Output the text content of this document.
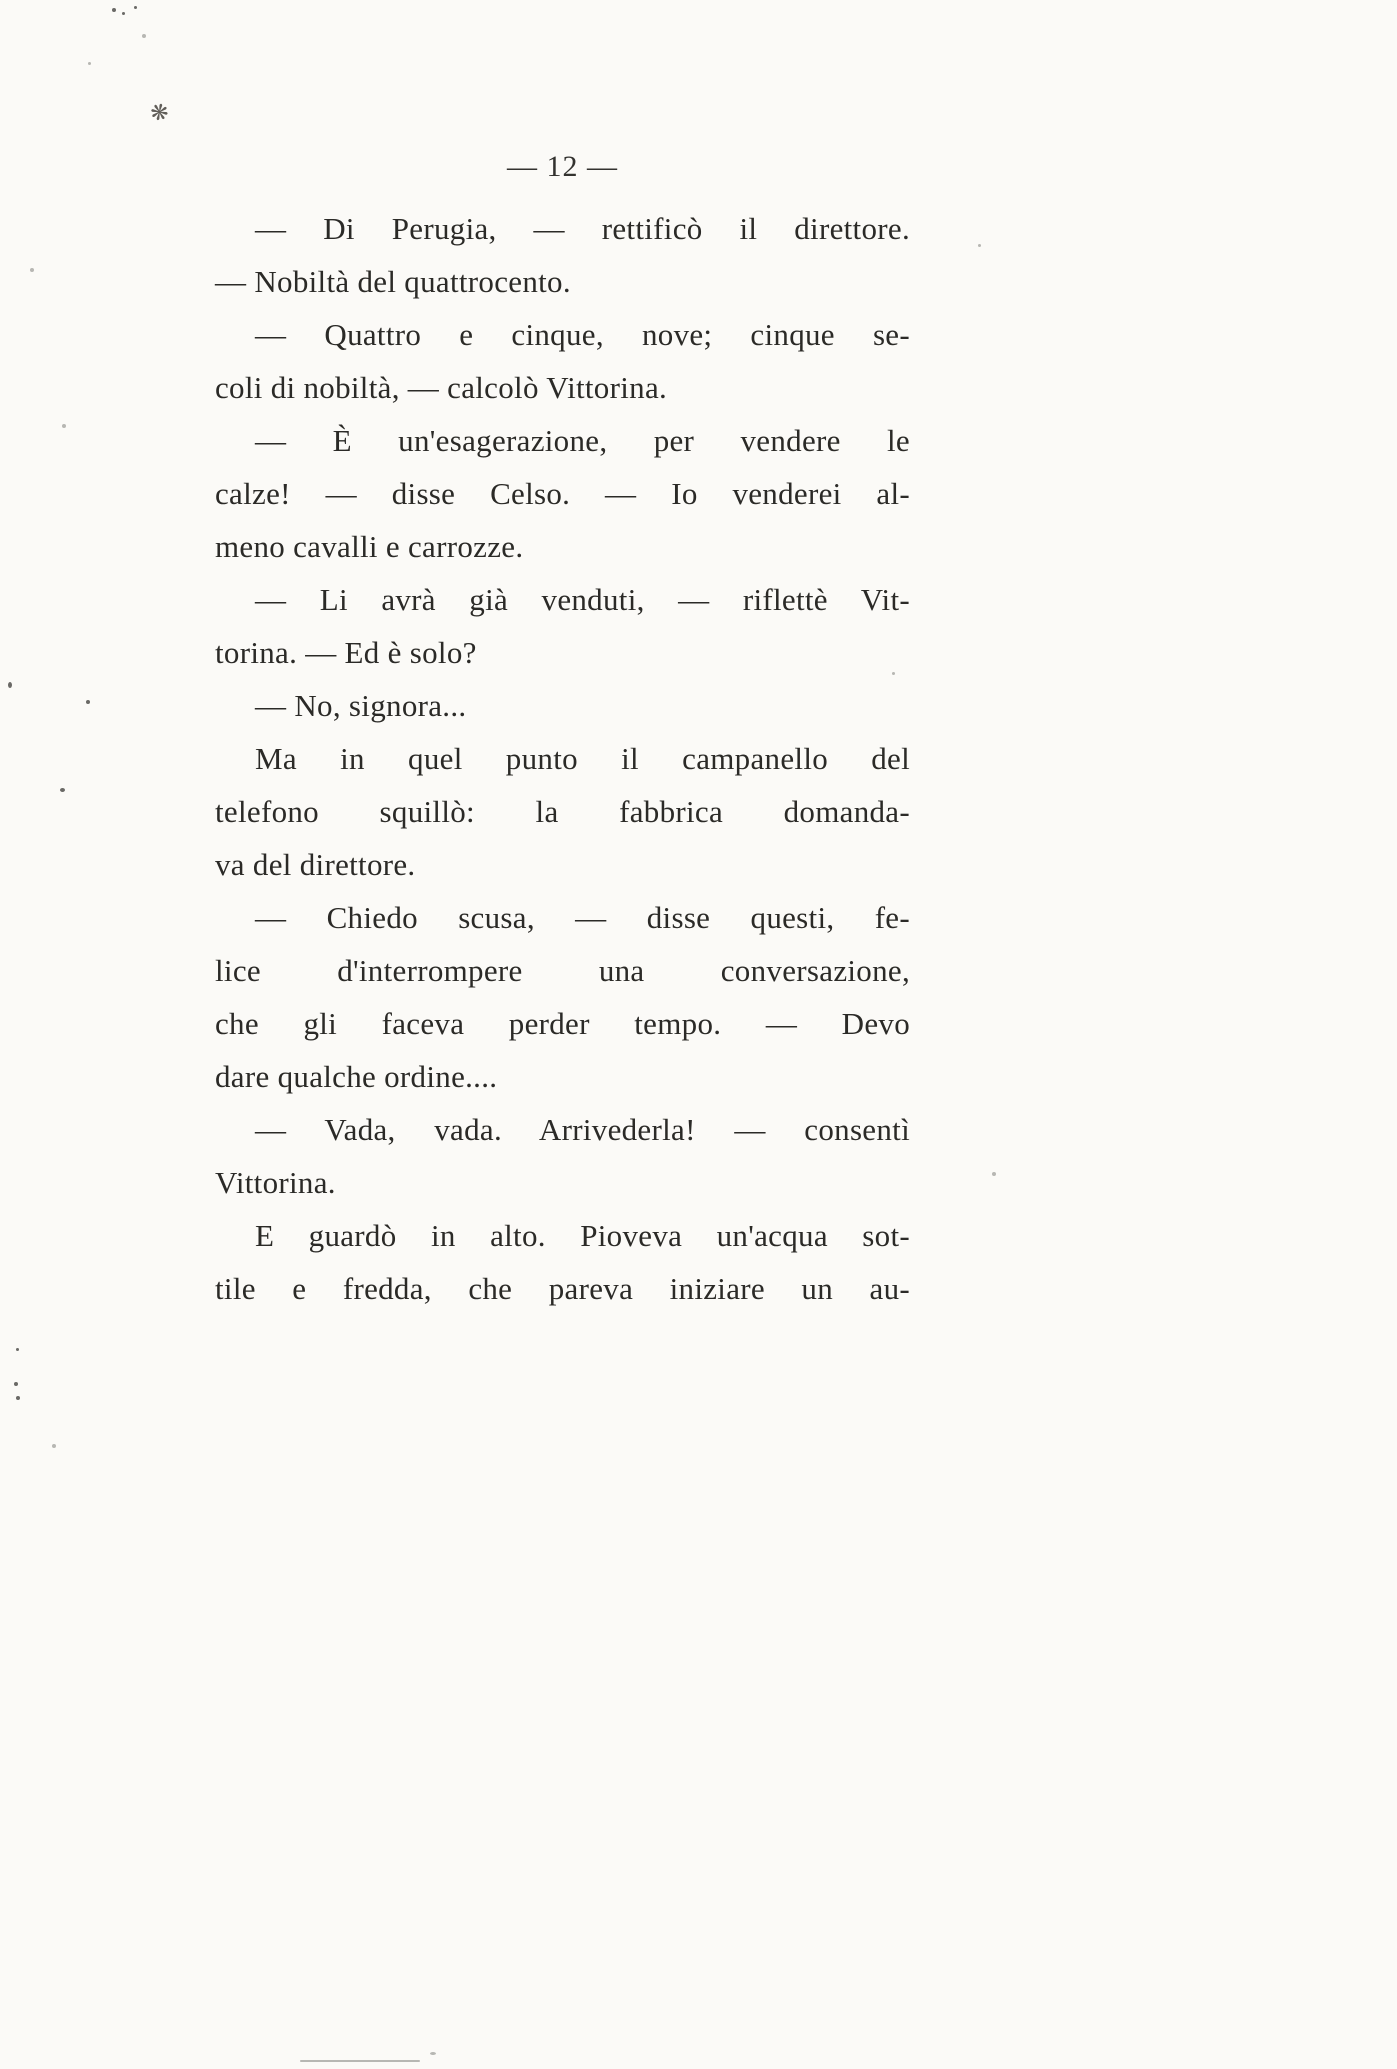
— 12 —
— Di Perugia, — rettificò il direttore.
— Nobiltà del quattrocento.
— Quattro e cinque, nove; cinque se-
coli di nobiltà, — calcolò Vittorina.
— È un'esagerazione, per vendere le
calze! — disse Celso. — Io venderei al-
meno cavalli e carrozze.
— Li avrà già venduti, — riflettè Vit-
torina. — Ed è solo?
— No, signora...
Ma in quel punto il campanello del
telefono squillò: la fabbrica domanda-
va del direttore.
— Chiedo scusa, — disse questi, fe-
lice d'interrompere una conversazione,
che gli faceva perder tempo. — Devo
dare qualche ordine....
— Vada, vada. Arrivederla! — consentì
Vittorina.
E guardò in alto. Pioveva un'acqua sot-
tile e fredda, che pareva iniziare un au-
❋
